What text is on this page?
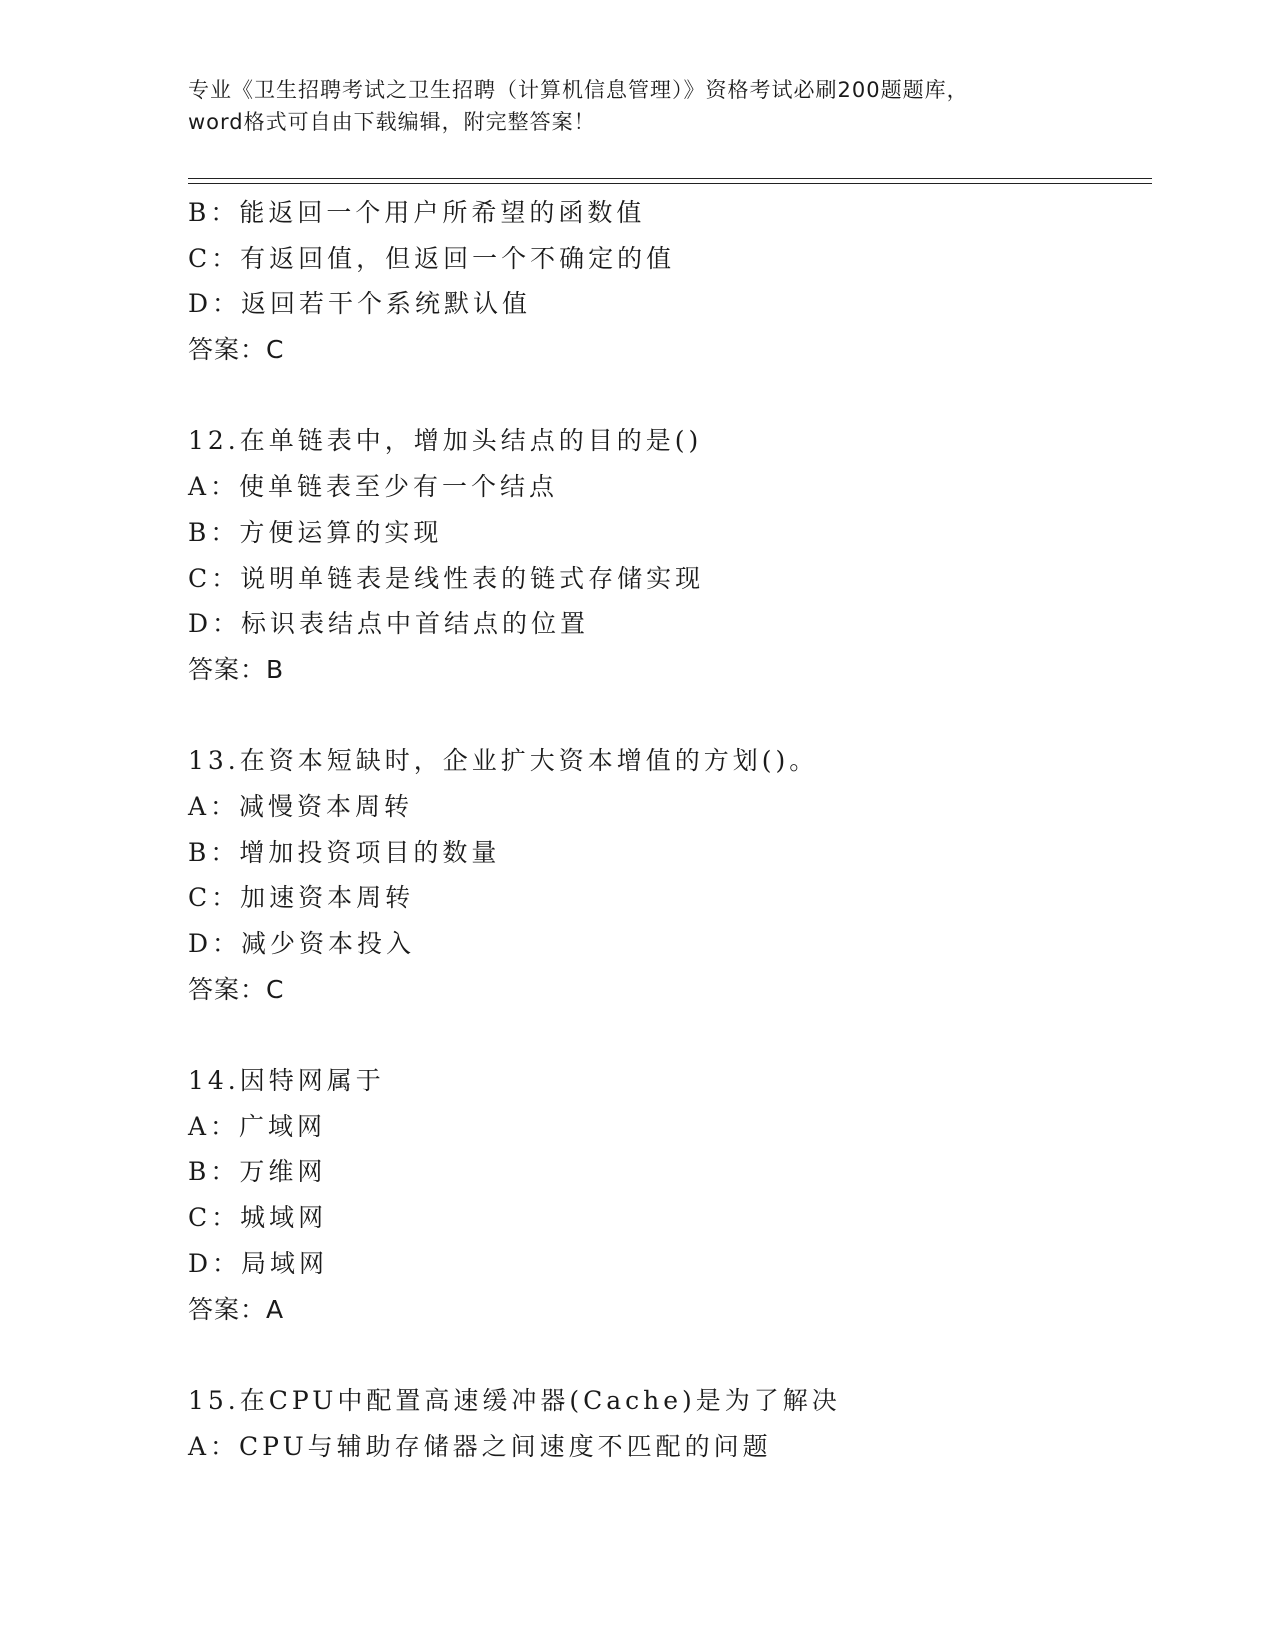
专业《卫生招聘考试之卫生招聘（计算机信息管理）》资格考试必刷200题题库，
word格式可自由下载编辑，附完整答案！
B：能返回一个用户所希望的函数值
C：有返回值，但返回一个不确定的值
D：返回若干个系统默认值
答案：C
12.在单链表中，增加头结点的目的是()
A：使单链表至少有一个结点
B：方便运算的实现
C：说明单链表是线性表的链式存储实现
D：标识表结点中首结点的位置
答案：B
13.在资本短缺时，企业扩大资本增值的方划()。
A：减慢资本周转
B：增加投资项目的数量
C：加速资本周转
D：减少资本投入
答案：C
14.因特网属于
A：广域网
B：万维网
C：城域网
D：局域网
答案：A
15.在CPU中配置高速缓冲器(Cache)是为了解决
A：CPU与辅助存储器之间速度不匹配的问题
